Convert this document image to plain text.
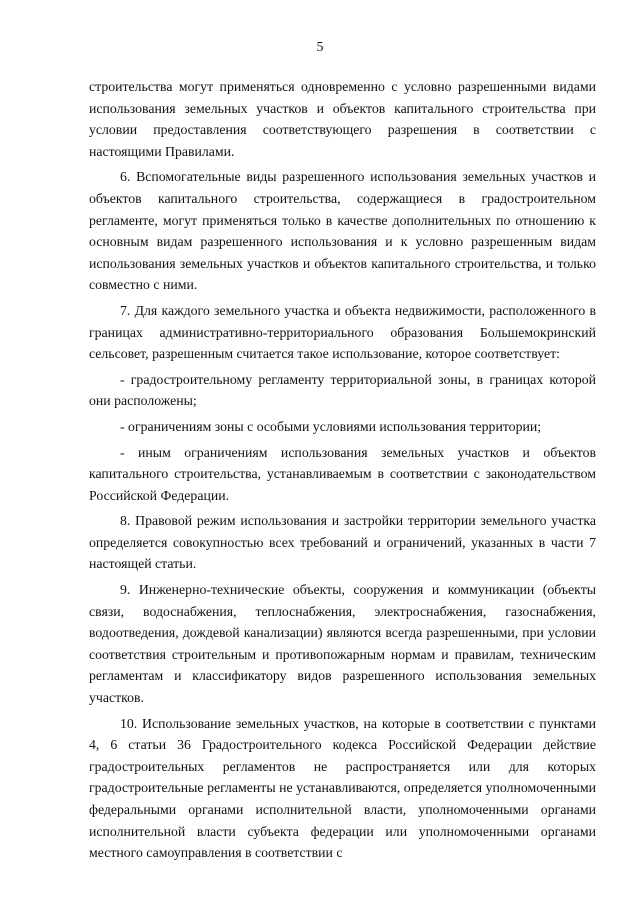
5

строительства могут применяться одновременно с условно разрешенными видами использования земельных участков и объектов капитального строительства при условии предоставления соответствующего разрешения в соответствии с настоящими Правилами.

6. Вспомогательные виды разрешенного использования земельных участков и объектов капитального строительства, содержащиеся в градостроительном регламенте, могут применяться только в качестве дополнительных по отношению к основным видам разрешенного использования и к условно разрешенным видам использования земельных участков и объектов капитального строительства, и только совместно с ними.

7. Для каждого земельного участка и объекта недвижимости, расположенного в границах административно-территориального образования Большемокринский сельсовет, разрешенным считается такое использование, которое соответствует:

- градостроительному регламенту территориальной зоны, в границах которой они расположены;

- ограничениям зоны с особыми условиями использования территории;

- иным ограничениям использования земельных участков и объектов капитального строительства, устанавливаемым в соответствии с законодательством Российской Федерации.

8. Правовой режим использования и застройки территории земельного участка определяется совокупностью всех требований и ограничений, указанных в части 7 настоящей статьи.

9. Инженерно-технические объекты, сооружения и коммуникации (объекты связи, водоснабжения, теплоснабжения, электроснабжения, газоснабжения, водоотведения, дождевой канализации) являются всегда разрешенными, при условии соответствия строительным и противопожарным нормам и правилам, техническим регламентам и классификатору видов разрешенного использования земельных участков.

10. Использование земельных участков, на которые в соответствии с пунктами 4, 6 статьи 36 Градостроительного кодекса Российской Федерации действие градостроительных регламентов не распространяется или для которых градостроительные регламенты не устанавливаются, определяется уполномоченными федеральными органами исполнительной власти, уполномоченными органами исполнительной власти субъекта федерации или уполномоченными органами местного самоуправления в соответствии с
